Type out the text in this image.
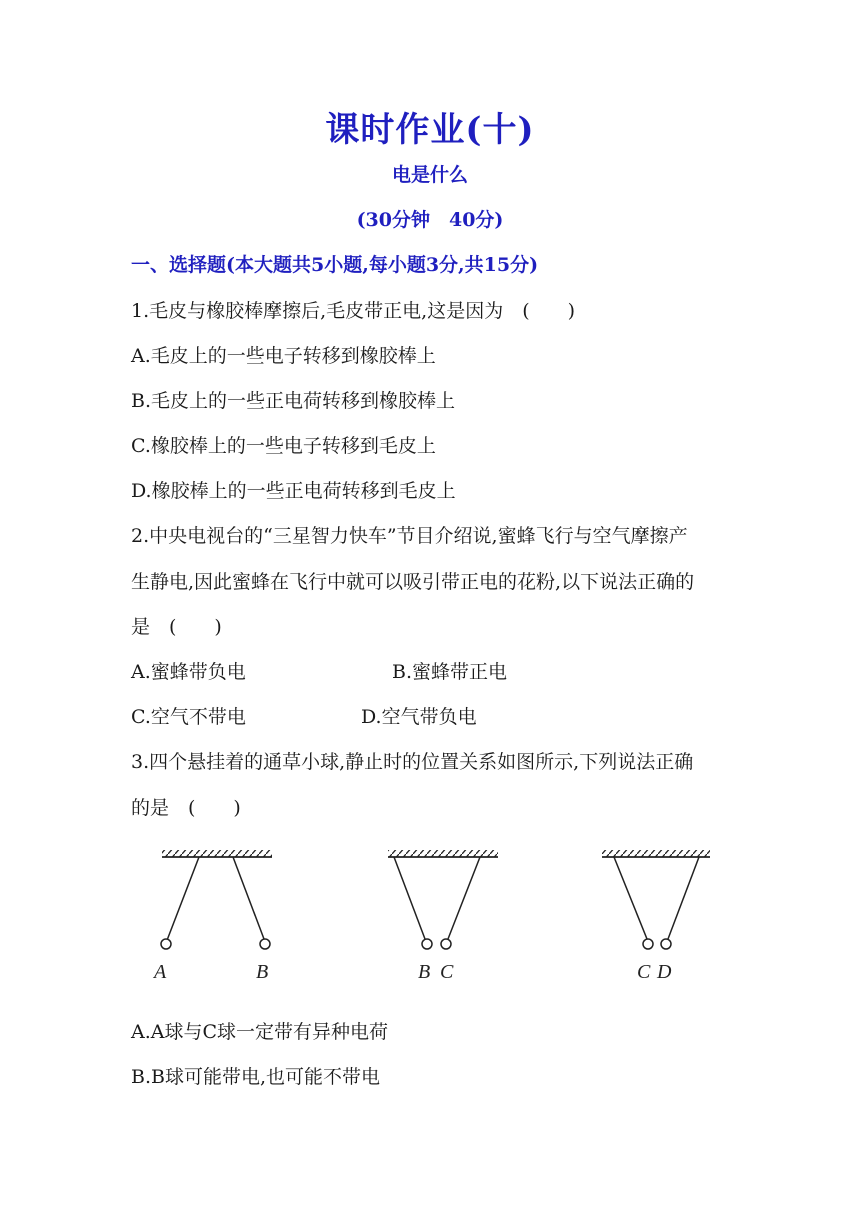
课时作业(十)
电是什么
(30分钟　40分)
一、选择题(本大题共5小题,每小题3分,共15分)
1.毛皮与橡胶棒摩擦后,毛皮带正电,这是因为　(　　)
A.毛皮上的一些电子转移到橡胶棒上
B.毛皮上的一些正电荷转移到橡胶棒上
C.橡胶棒上的一些电子转移到毛皮上
D.橡胶棒上的一些正电荷转移到毛皮上
2.中央电视台的“三星智力快车”节目介绍说,蜜蜂飞行与空气摩擦产
生静电,因此蜜蜂在飞行中就可以吸引带正电的花粉,以下说法正确的
是　(　　)
A.蜜蜂带负电	B.蜜蜂带正电
C.空气不带电	D.空气带负电
3.四个悬挂着的通草小球,静止时的位置关系如图所示,下列说法正确
的是　(　　)
A	B	B C	C D
A.A球与C球一定带有异种电荷
B.B球可能带电,也可能不带电
